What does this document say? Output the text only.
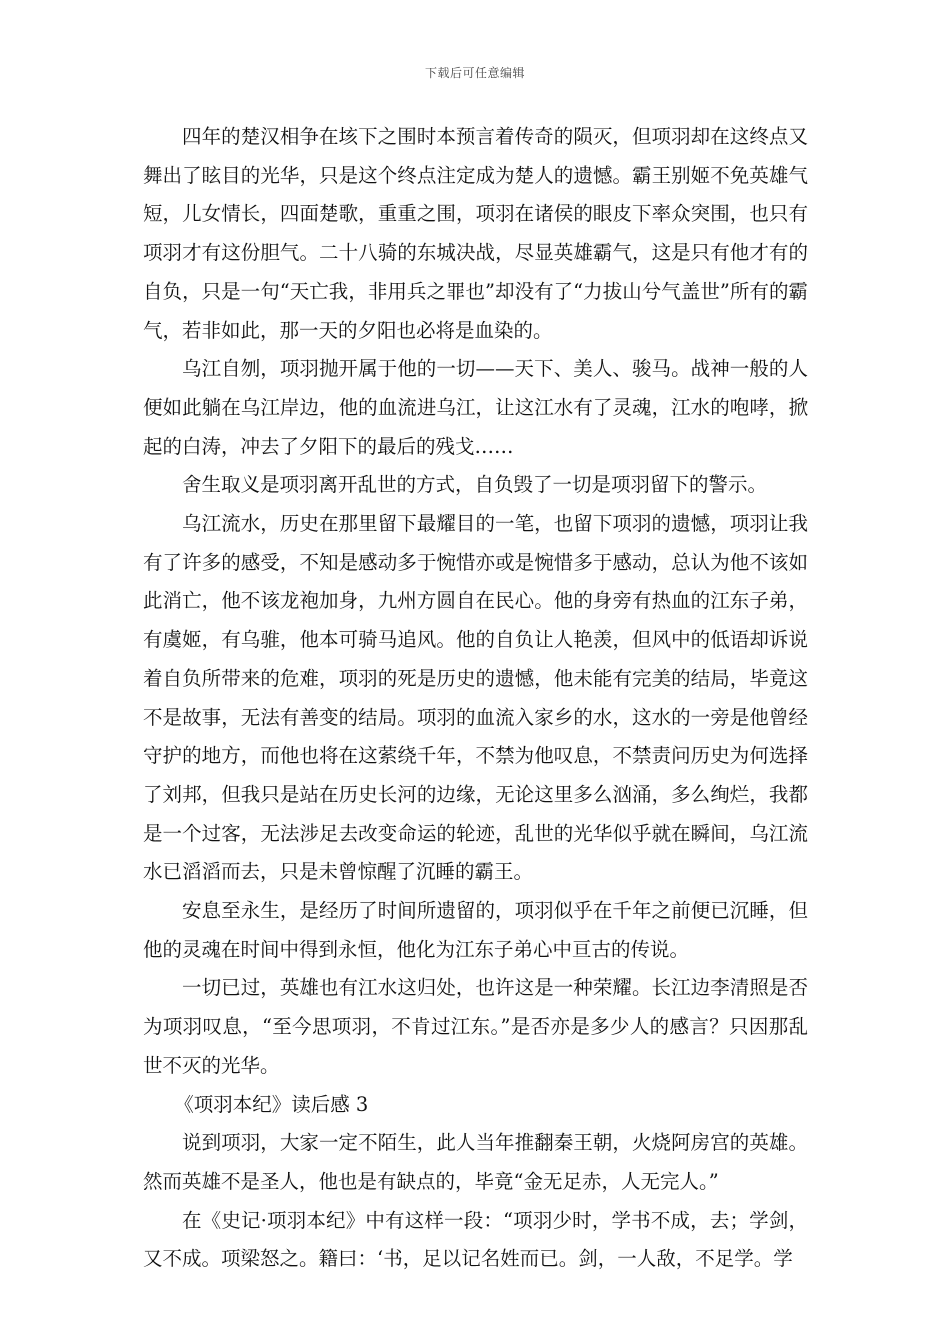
下载后可任意编辑

四年的楚汉相争在垓下之围时本预言着传奇的陨灭，但项羽却在这终点又舞出了眩目的光华，只是这个终点注定成为楚人的遗憾。霸王别姬不免英雄气短，儿女情长，四面楚歌，重重之围，项羽在诸侯的眼皮下率众突围，也只有项羽才有这份胆气。二十八骑的东城决战，尽显英雄霸气，这是只有他才有的自负，只是一句“天亡我，非用兵之罪也”却没有了“力拔山兮气盖世”所有的霸气，若非如此，那一天的夕阳也必将是血染的。

乌江自刎，项羽抛开属于他的一切——天下、美人、骏马。战神一般的人便如此躺在乌江岸边，他的血流进乌江，让这江水有了灵魂，江水的咆哮，掀起的白涛，冲去了夕阳下的最后的残戈……

舍生取义是项羽离开乱世的方式，自负毁了一切是项羽留下的警示。

乌江流水，历史在那里留下最耀目的一笔，也留下项羽的遗憾，项羽让我有了许多的感受，不知是感动多于惋惜亦或是惋惜多于感动，总认为他不该如此消亡，他不该龙袍加身，九州方圆自在民心。他的身旁有热血的江东子弟，有虞姬，有乌骓，他本可骑马追风。他的自负让人艳羡，但风中的低语却诉说着自负所带来的危难，项羽的死是历史的遗憾，他未能有完美的结局，毕竟这不是故事，无法有善变的结局。项羽的血流入家乡的水，这水的一旁是他曾经守护的地方，而他也将在这萦绕千年，不禁为他叹息，不禁责问历史为何选择了刘邦，但我只是站在历史长河的边缘，无论这里多么汹涌，多么绚烂，我都是一个过客，无法涉足去改变命运的轮迹，乱世的光华似乎就在瞬间，乌江流水已滔滔而去，只是未曾惊醒了沉睡的霸王。

安息至永生，是经历了时间所遗留的，项羽似乎在千年之前便已沉睡，但他的灵魂在时间中得到永恒，他化为江东子弟心中亘古的传说。

一切已过，英雄也有江水这归处，也许这是一种荣耀。长江边李清照是否为项羽叹息，“至今思项羽，不肯过江东。”是否亦是多少人的感言？只因那乱世不灭的光华。

《项羽本纪》读后感 3

说到项羽，大家一定不陌生，此人当年推翻秦王朝，火烧阿房宫的英雄。然而英雄不是圣人，他也是有缺点的，毕竟“金无足赤，人无完人。”

在《史记·项羽本纪》中有这样一段：“项羽少时，学书不成，去；学剑，又不成。项梁怒之。籍曰：‘书，足以记名姓而已。剑，一人敌，不足学。学
